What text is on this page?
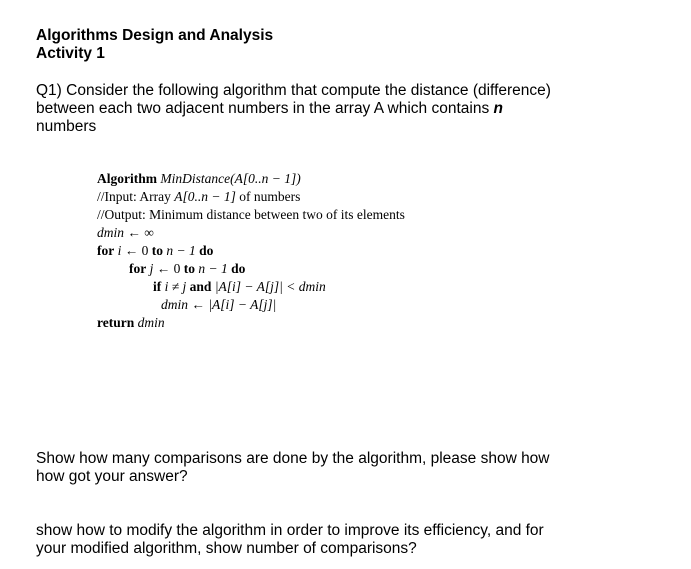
Algorithms Design and Analysis
Activity 1
Q1) Consider the following algorithm that compute the distance (difference)
between each two adjacent numbers in the array A which contains n
numbers
Algorithm MinDistance(A[0..n − 1])
//Input: Array A[0..n − 1] of numbers
//Output: Minimum distance between two of its elements
dmin ← ∞
for i ← 0 to n − 1 do
for j ← 0 to n − 1 do
if i ≠ j and |A[i] − A[j]| < dmin
dmin ← |A[i] − A[j]|
return dmin
Show how many comparisons are done by the algorithm, please show how
how got your answer?
show how to modify the algorithm in order to improve its efficiency, and for
your modified algorithm, show number of comparisons?
